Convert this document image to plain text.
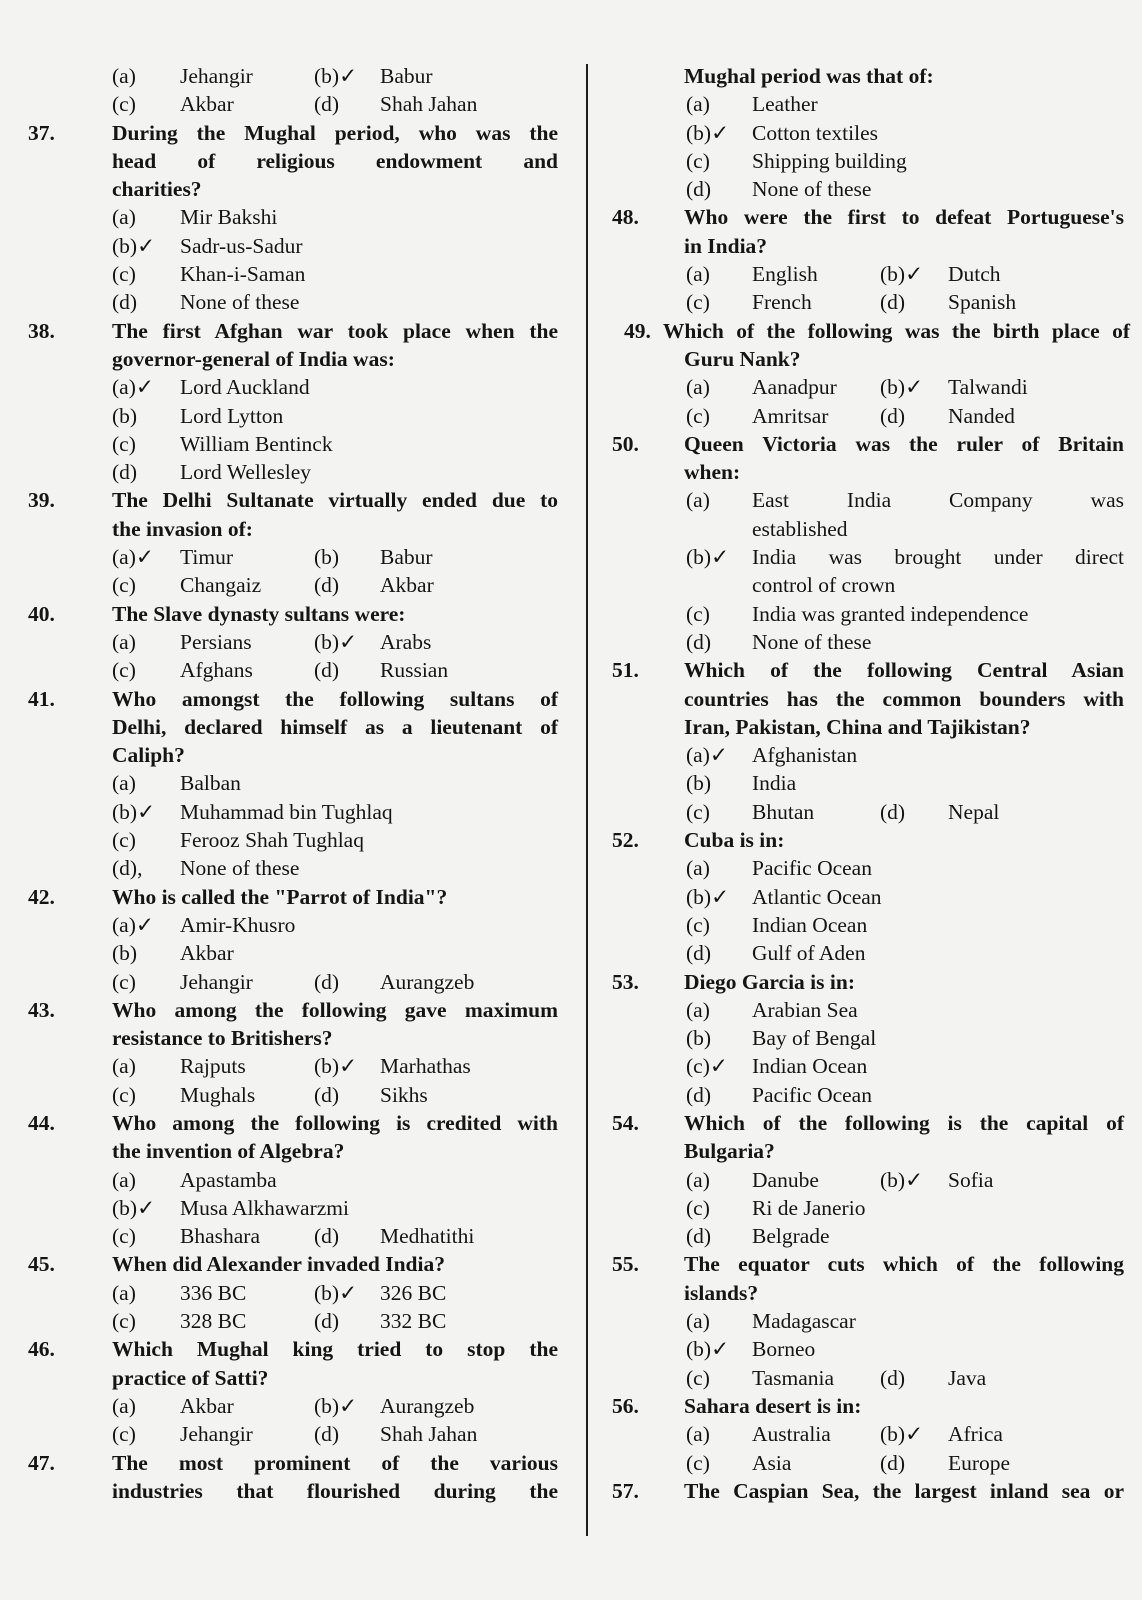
(a) Jehangir	(b)✓ Babur
(c) Akbar	(d) Shah Jahan
37.	During the Mughal period, who was the
head of religious endowment and
charities?
(a) Mir Bakshi
(b)✓ Sadr-us-Sadur
(c) Khan-i-Saman
(d) None of these
38.	The first Afghan war took place when the
governor-general of India was:
(a)✓ Lord Auckland
(b) Lord Lytton
(c) William Bentinck
(d) Lord Wellesley
39.	The Delhi Sultanate virtually ended due to
the invasion of:
(a)✓ Timur	(b) Babur
(c) Changaiz (d) Akbar
40.	The Slave dynasty sultans were:
(a) Persians	(b)✓ Arabs
(c) Afghans	(d) Russian
41.	Who amongst the following sultans of
Delhi, declared himself as a lieutenant of
Caliph?
(a) Balban
(b)✓ Muhammad bin Tughlaq
(c) Ferooz Shah Tughlaq
(d), None of these
42.	Who is called the "Parrot of India"?
(a)✓ Amir-Khusro
(b) Akbar
(c) Jehangir	(d) Aurangzeb
43.	Who among the following gave maximum
resistance to Britishers?
(a) Rajputs	(b)✓ Marhathas
(c) Mughals	(d) Sikhs
44.	Who among the following is credited with
the invention of Algebra?
(a) Apastamba
(b)✓ Musa Alkhawarzmi
(c) Bhashara	(d) Medhatithi
45.	When did Alexander invaded India?
(a) 336 BC	(b)✓ 326 BC
(c) 328 BC	(d) 332 BC
46.	Which Mughal king tried to stop the
practice of Satti?
(a) Akbar	(b)✓ Aurangzeb
(c) Jehangir	(d) Shah Jahan
47.	The most prominent of the various
industries that flourished during the
Mughal period was that of:
(a) Leather
(b)✓ Cotton textiles
(c) Shipping building
(d) None of these
48. Who were the first to defeat Portuguese's
in India?
(a) English	(b)✓ Dutch
(c) French	(d) Spanish
49. Which of the following was the birth place of
Guru Nank?
(a) Aanadpur (b)✓ Talwandi
(c) Amritsar (d) Nanded
50. Queen Victoria was the ruler of Britain
when:
(a) East India Company was
established
(b)✓ India was brought under direct
control of crown
(c) India was granted independence
(d) None of these
51. Which of the following Central Asian
countries has the common bounders with
Iran, Pakistan, China and Tajikistan?
(a)✓ Afghanistan
(b) India
(c) Bhutan	(d) Nepal
52. Cuba is in:
(a) Pacific Ocean
(b)✓ Atlantic Ocean
(c) Indian Ocean
(d) Gulf of Aden
53. Diego Garcia is in:
(a) Arabian Sea
(b) Bay of Bengal
(c)✓ Indian Ocean
(d) Pacific Ocean
54. Which of the following is the capital of
Bulgaria?
(a) Danube	(b)✓ Sofia
(c) Ri de Janerio
(d) Belgrade
55. The equator cuts which of the following
islands?
(a) Madagascar
(b)✓ Borneo
(c) Tasmania (d) Java
56. Sahara desert is in:
(a) Australia (b)✓ Africa
(c) Asia	(d) Europe
57. The Caspian Sea, the largest inland sea or
